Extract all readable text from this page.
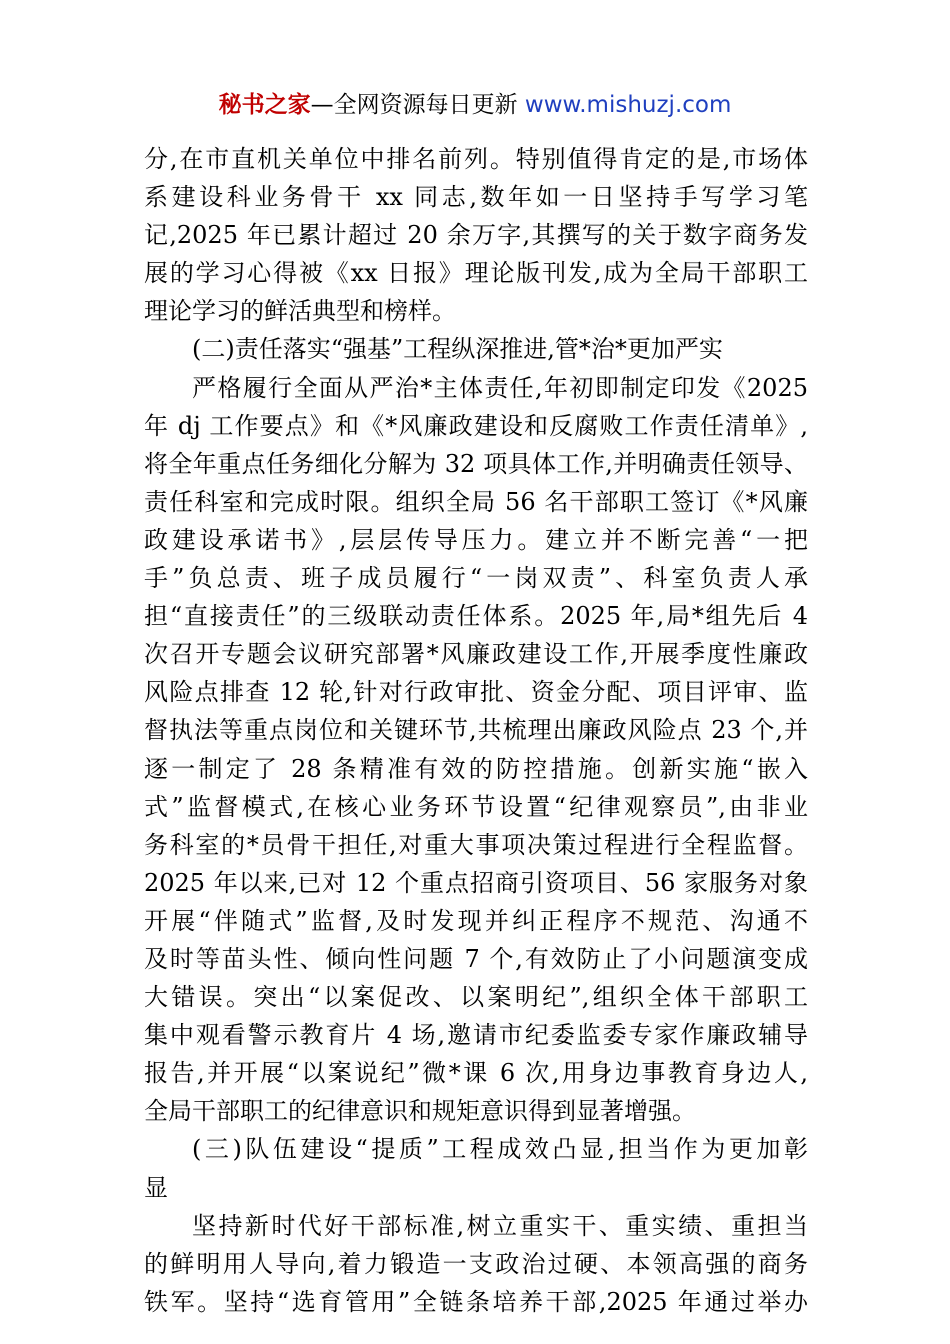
秘书之家—全网资源每日更新 www.mishuzj.com
分,在市直机关单位中排名前列。特别值得肯定的是,市场体
系建设科业务骨干 xx 同志,数年如一日坚持手写学习笔
记,2025 年已累计超过 20 余万字,其撰写的关于数字商务发
展的学习心得被《xx 日报》理论版刊发,成为全局干部职工
理论学习的鲜活典型和榜样。
(二)责任落实“强基”工程纵深推进,管*治*更加严实
严格履行全面从严治*主体责任,年初即制定印发《2025
年 dj 工作要点》和《*风廉政建设和反腐败工作责任清单》,
将全年重点任务细化分解为 32 项具体工作,并明确责任领导、
责任科室和完成时限。组织全局 56 名干部职工签订《*风廉
政建设承诺书》,层层传导压力。建立并不断完善“一把
手”负总责、班子成员履行“一岗双责”、科室负责人承
担“直接责任”的三级联动责任体系。2025 年,局*组先后 4
次召开专题会议研究部署*风廉政建设工作,开展季度性廉政
风险点排查 12 轮,针对行政审批、资金分配、项目评审、监
督执法等重点岗位和关键环节,共梳理出廉政风险点 23 个,并
逐一制定了 28 条精准有效的防控措施。创新实施“嵌入
式”监督模式,在核心业务环节设置“纪律观察员”,由非业
务科室的*员骨干担任,对重大事项决策过程进行全程监督。
2025 年以来,已对 12 个重点招商引资项目、56 家服务对象
开展“伴随式”监督,及时发现并纠正程序不规范、沟通不
及时等苗头性、倾向性问题 7 个,有效防止了小问题演变成
大错误。突出“以案促改、以案明纪”,组织全体干部职工
集中观看警示教育片 4 场,邀请市纪委监委专家作廉政辅导
报告,并开展“以案说纪”微*课 6 次,用身边事教育身边人,
全局干部职工的纪律意识和规矩意识得到显著增强。
(三)队伍建设“提质”工程成效凸显,担当作为更加彰
显
坚持新时代好干部标准,树立重实干、重实绩、重担当
的鲜明用人导向,着力锻造一支政治过硬、本领高强的商务
铁军。坚持“选育管用”全链条培养干部,2025 年通过举办
